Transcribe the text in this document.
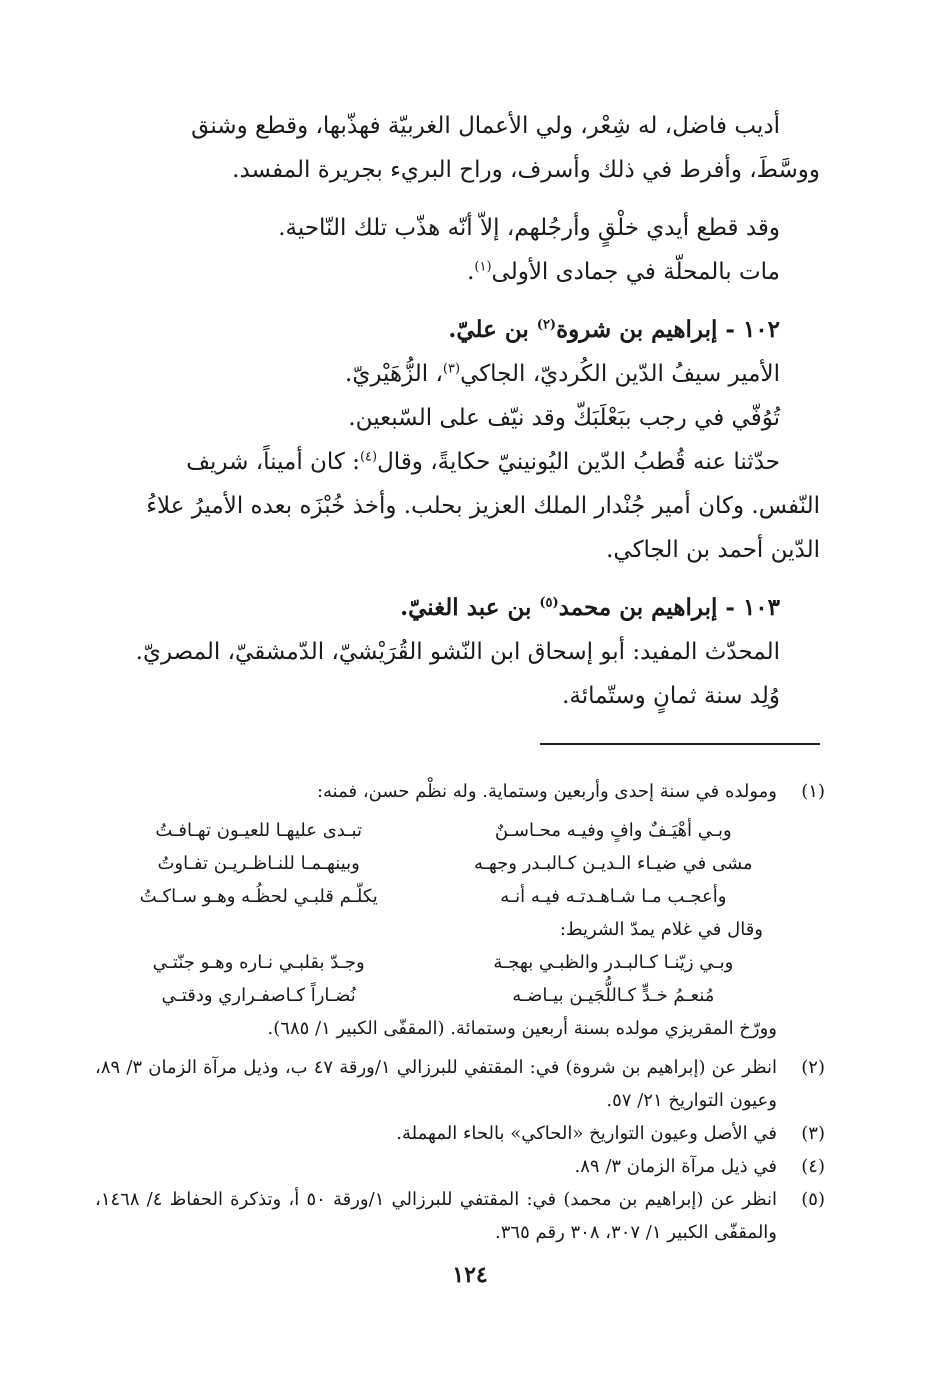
أديب فاضل، له شِعْر، ولي الأعمال الغربيّة فهذّبها، وقطع وشنق

ووسَّطَ، وأفرط في ذلك وأسرف، وراح البريء بجريرة المفسد.

وقد قطع أيدي خلْقٍ وأرجُلهم، إلاّ أنّه هذّب تلك النّاحية.

مات بالمحلّة في جمادى الأولى$^{(١)}$.

١٠٢ - إبراهيم بن شروة$^{(٢)}$ بن عليّ.

الأمير سيفُ الدّين الكُرديّ، الجاكي$^{(٣)}$، الزُّهَيْريّ.

تُوُفّي في رجب ببَعْلَبَكّ وقد نيّف على السّبعين.

حدّثنا عنه قُطبُ الدّين اليُونينيّ حكايةً، وقال$^{(٤)}$: كان أميناً، شريف

النّفس. وكان أمير جُنْدار الملك العزيز بحلب. وأخذ خُبْزَه بعده الأميرُ علاءُ

الدّين أحمد بن الجاكي.

١٠٣ - إبراهيم بن محمد$^{(٥)}$ بن عبد الغنيّ.

المحدّث المفيد: أبو إسحاق ابن النّشو القُرَيْشيّ، الدّمشقيّ، المصريّ.

وُلِد سنة ثمانٍ وستّمائة.

(١)

ومولده في سنة إحدى وأربعين وستماية. وله نظْم حسن، فمنه:

وبـي أهْيَـفٌ وافٍ وفيـه محـاسـنٌ
تبـدى عليهـا للعيـون تهـافـتُ
مشى في ضيـاء الـديـن كـالبـدر وجهـه
وبينهـمـا للنـاظـريـن تفـاوتُ
وأعجـب مـا شـاهـدتـه فيـه أنـه
يكلّـم قلبـي لحظُـه وهـو سـاكـتُ

وقال في غلام يمدّ الشريط:

وبـي زيّنـا كـالبـدر والظبـي بهجـة
وجـدّ بقلبـي نـاره وهـو جنّتـي
مُنعـمُ خـدٍّ كـاللُّجَيـن بيـاضـه
نُضـاراً كـاصفـراري ودقتـي

وورّخ المقريزي مولده بسنة أربعين وستمائة. (المقفّى الكبير ١/ ٦٨٥).

(٢)

انظر عن (إبراهيم بن شروة) في: المقتفي للبرزالي ١/ورقة ٤٧ ب، وذيل مرآة الزمان ٣/ ٨٩، وعيون التواريخ ٢١/ ٥٧.

(٣)

في الأصل وعيون التواريخ «الحاكي» بالحاء المهملة.

(٤)

في ذيل مرآة الزمان ٣/ ٨٩.

(٥)

انظر عن (إبراهيم بن محمد) في: المقتفي للبرزالي ١/ورقة ٥٠ أ، وتذكرة الحفاظ ٤/ ١٤٦٨، والمقفّى الكبير ١/ ٣٠٧، ٣٠٨ رقم ٣٦٥.

١٢٤
